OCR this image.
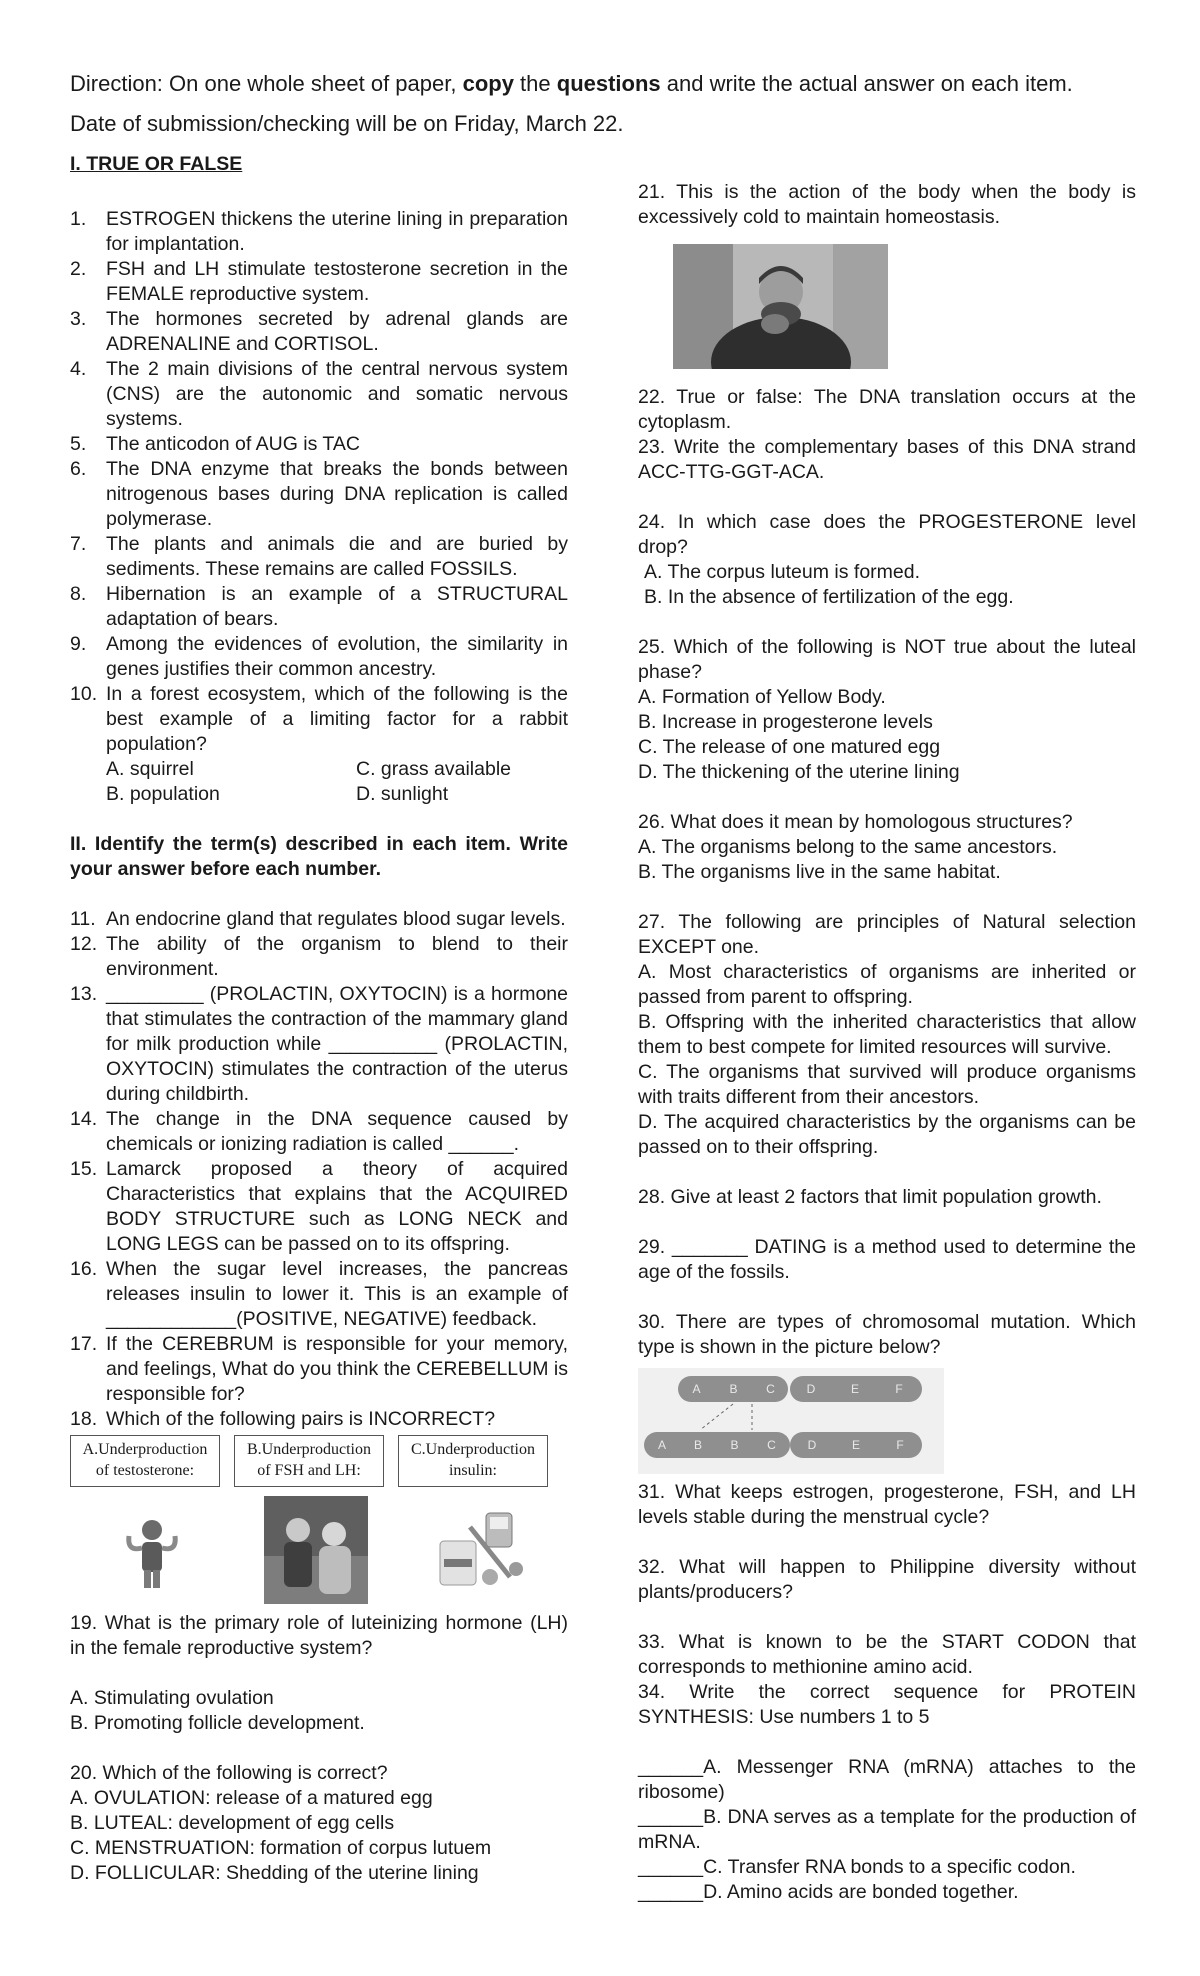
Direction: On one whole sheet of paper, copy the questions and write the actual answer on each item.

Date of submission/checking will be on Friday, March 22.

I. TRUE OR FALSE
1.	ESTROGEN thickens the uterine lining in preparation for implantation.
2.	FSH and LH stimulate testosterone secretion in the FEMALE reproductive system.
3.	The hormones secreted by adrenal glands are ADRENALINE and CORTISOL.
4.	The 2 main divisions of the central nervous system (CNS) are the autonomic and somatic nervous systems.
5.	The anticodon of AUG is TAC
6.	The DNA enzyme that breaks the bonds between nitrogenous bases during DNA replication is called polymerase.
7.	The plants and animals die and are buried by sediments. These remains are called FOSSILS.
8.	Hibernation is an example of a STRUCTURAL adaptation of bears.
9.	Among the evidences of evolution, the similarity in genes justifies their common ancestry.
10. In a forest ecosystem, which of the following is the best example of a limiting factor for a rabbit population?
A. squirrel	C. grass available
B. population	D. sunlight
II. Identify the term(s) described in each item. Write your answer before each number.
11. An endocrine gland that regulates blood sugar levels.
12. The ability of the organism to blend to their environment.
13. _________ (PROLACTIN, OXYTOCIN) is a hormone that stimulates the contraction of the mammary gland for milk production while __________ (PROLACTIN, OXYTOCIN) stimulates the contraction of the uterus during childbirth.
14. The change in the DNA sequence caused by chemicals or ionizing radiation is called ______.
15. Lamarck proposed a theory of acquired Characteristics that explains that the ACQUIRED BODY STRUCTURE such as LONG NECK and LONG LEGS can be passed on to its offspring.
16. When the sugar level increases, the pancreas releases insulin to lower it. This is an example of ____________(POSITIVE, NEGATIVE) feedback.
17. If the CEREBRUM is responsible for your memory, and feelings, What do you think the CEREBELLUM is responsible for?
18. Which of the following pairs is INCORRECT?
A.Underproduction
of testosterone:
B.Underproduction
of FSH and LH:
C.Underproduction
insulin:

19. What is the primary role of luteinizing hormone (LH) in the female reproductive system?

A. Stimulating ovulation
B. Promoting follicle development.
20. Which of the following is correct?
A. OVULATION: release of a matured egg
B. LUTEAL: development of egg cells
C. MENSTRUATION: formation of corpus lutuem
D. FOLLICULAR: Shedding of the uterine lining

21. This is the action of the body when the body is excessively cold to maintain homeostasis.

22. True or false: The DNA translation occurs at the cytoplasm.

23. Write the complementary bases of this DNA strand ACC-TTG-GGT-ACA.

24. In which case does the PROGESTERONE level drop?

A. The corpus luteum is formed.
B. In the absence of fertilization of the egg.

25. Which of the following is NOT true about the luteal phase?

A. Formation of Yellow Body.
B. Increase in progesterone levels
C. The release of one matured egg
D. The thickening of the uterine lining

26. What does it mean by homologous structures?

A. The organisms belong to the same ancestors.
B. The organisms live in the same habitat.

27. The following are principles of Natural selection EXCEPT one.

A. Most characteristics of organisms are inherited or passed from parent to offspring.

B. Offspring with the inherited characteristics that allow them to best compete for limited resources will survive.

C. The organisms that survived will produce organisms with traits different from their ancestors.

D. The acquired characteristics by the organisms can be passed on to their offspring.

28. Give at least 2 factors that limit population growth.

29. _______ DATING is a method used to determine the age of the fossils.

30. There are types of chromosomal mutation. Which type is shown in the picture below?

A	B	C	D	E	F
A	B	B	C	D	E	F

31. What keeps estrogen, progesterone, FSH, and LH levels stable during the menstrual cycle?

32. What will happen to Philippine diversity without plants/producers?

33. What is known to be the START CODON that corresponds to methionine amino acid.

34. Write the correct sequence for PROTEIN SYNTHESIS: Use numbers 1 to 5

______A. Messenger RNA (mRNA) attaches to the ribosome)

______B. DNA serves as a template for the production of mRNA.

______C. Transfer RNA bonds to a specific codon.

______D. Amino acids are bonded together.
